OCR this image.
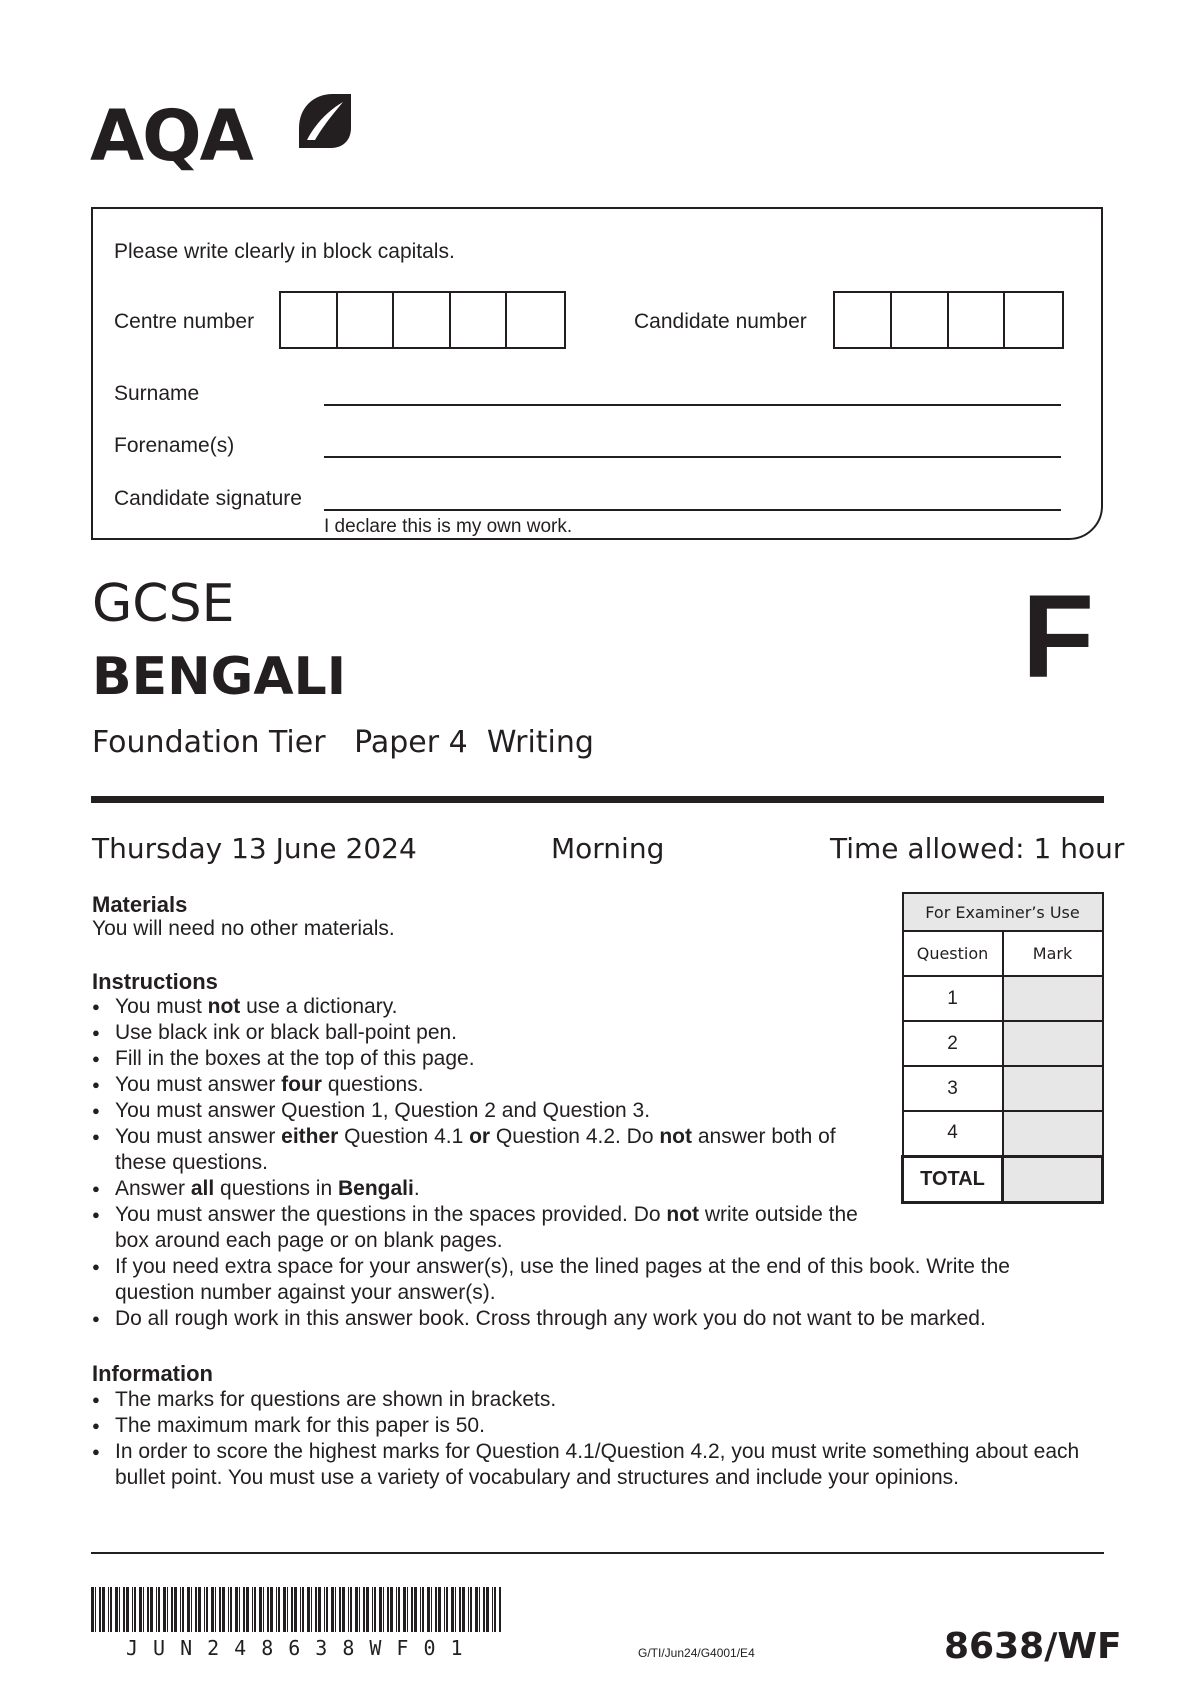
AQA
Please write clearly in block capitals.
Centre number	Candidate number
Surname
Forename(s)
Candidate signature
I declare this is my own work.
GCSE
BENGALI
Foundation Tier Paper 4 Writing
F
Thursday 13 June 2024	Morning	Time allowed: 1 hour
Materials
You will need no other materials.
Instructions
● You must not use a dictionary.
● Use black ink or black ball-point pen.
● Fill in the boxes at the top of this page.
● You must answer four questions.
● You must answer Question 1, Question 2 and Question 3.
● You must answer either Question 4.1 or Question 4.2. Do not answer both of these questions.
● Answer all questions in Bengali.
● You must answer the questions in the spaces provided. Do not write outside the box around each page or on blank pages.
● If you need extra space for your answer(s), use the lined pages at the end of this book. Write the question number against your answer(s).
● Do all rough work in this answer book. Cross through any work you do not want to be marked.
Information
● The marks for questions are shown in brackets.
● The maximum mark for this paper is 50.
● In order to score the highest marks for Question 4.1/Question 4.2, you must write something about each bullet point. You must use a variety of vocabulary and structures and include your opinions.
For Examiner’s Use	
Question	Mark
1	
2	
3	
4	
TOTAL	
JUN248638WF01	G/TI/Jun24/G4001/E4	8638/WF
